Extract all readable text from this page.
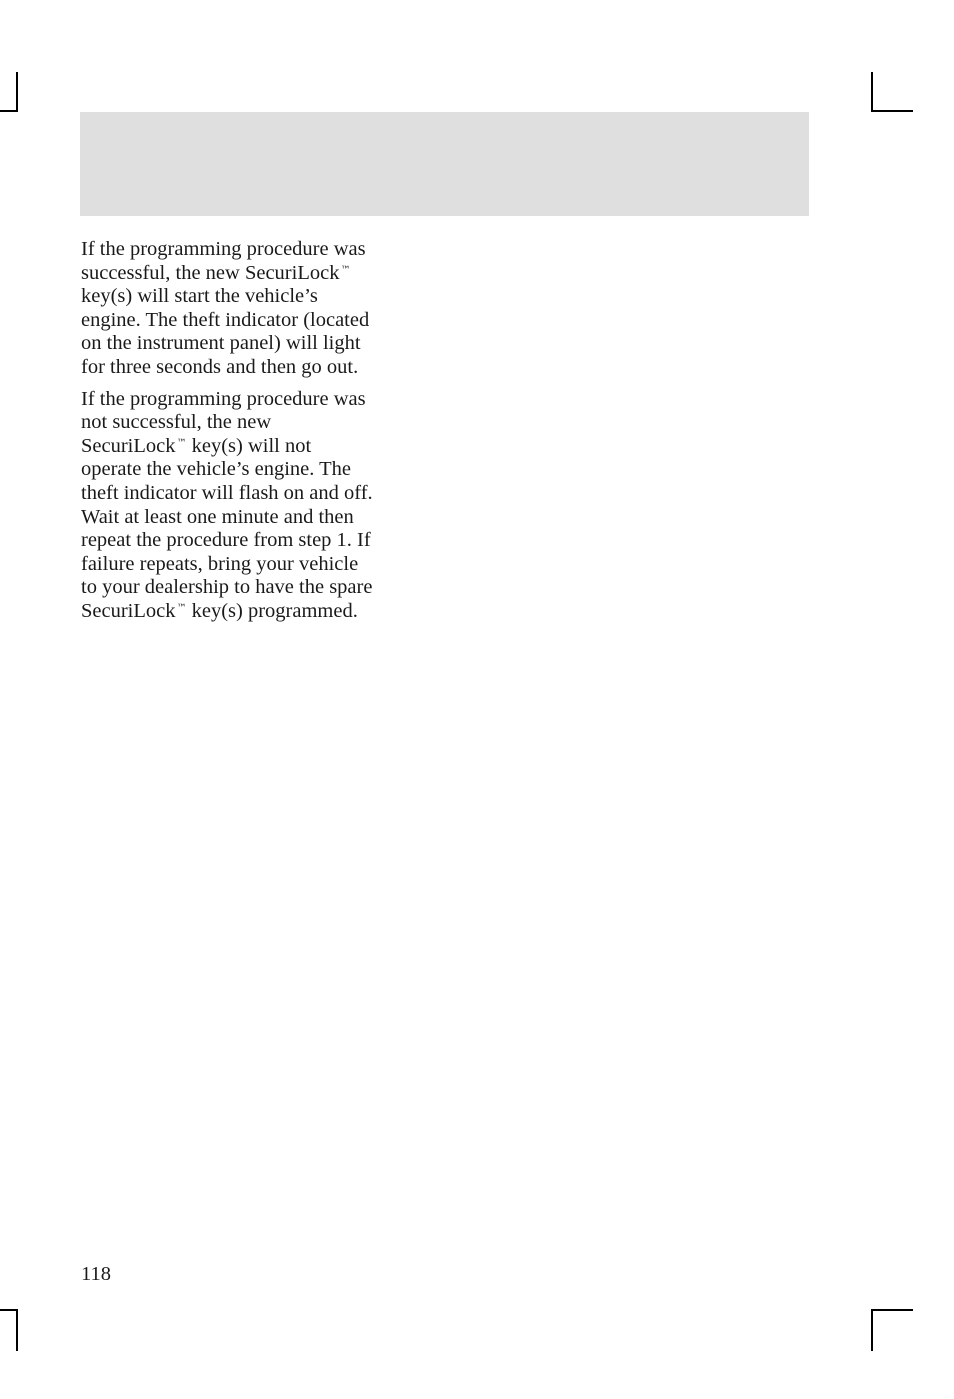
If the programming procedure was
successful, the new SecuriLock™
key(s) will start the vehicle’s
engine. The theft indicator (located
on the instrument panel) will light
for three seconds and then go out.

If the programming procedure was
not successful, the new
SecuriLock™ key(s) will not
operate the vehicle’s engine. The
theft indicator will flash on and off.
Wait at least one minute and then
repeat the procedure from step 1. If
failure repeats, bring your vehicle
to your dealership to have the spare
SecuriLock™ key(s) programmed.

118
